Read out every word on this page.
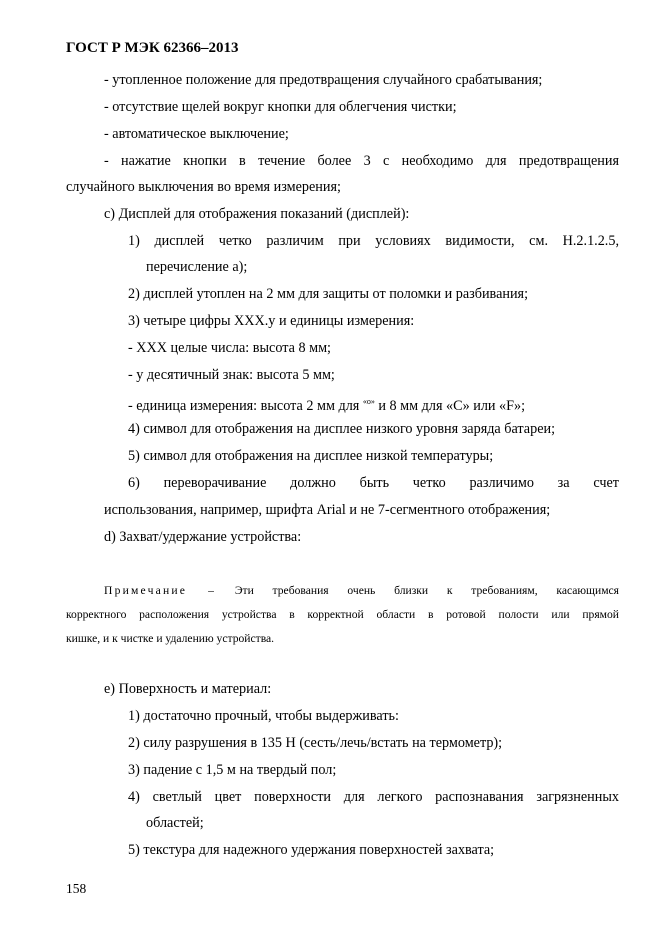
ГОСТ Р МЭК 62366–2013
- утопленное положение для предотвращения случайного срабатывания;
- отсутствие щелей вокруг кнопки для облегчения чистки;
- автоматическое выключение;
- нажатие кнопки в течение более 3 с необходимо для предотвращения
случайного выключения во время измерения;
c) Дисплей для отображения показаний (дисплей):
1) дисплей четко различим при условиях видимости, см. Н.2.1.2.5,
перечисление а);
2) дисплей утоплен на 2 мм для защиты от поломки и разбивания;
3) четыре цифры XXX.y и единицы измерения:
- XXX целые числа: высота 8 мм;
- y десятичный знак: высота 5 мм;
- единица измерения: высота 2 мм для $^{«о»}$ и 8 мм для «С» или «F»;
4) символ для отображения на дисплее низкого уровня заряда батареи;
5) символ для отображения на дисплее низкой температуры;
6) переворачивание должно быть четко различимо за счет
использования, например, шрифта Arial и не 7-сегментного отображения;
d) Захват/удержание устройства:
Примечание – Эти требования очень близки к требованиям, касающимся
корректного расположения устройства в корректной области в ротовой полости или прямой
кишке, и к чистке и удалению устройства.
е) Поверхность и материал:
1) достаточно прочный, чтобы выдерживать:
2) силу разрушения в 135 Н (сесть/лечь/встать на термометр);
3) падение с 1,5 м на твердый пол;
4) светлый цвет поверхности для легкого распознавания загрязненных
областей;
5) текстура для надежного удержания поверхностей захвата;
158
